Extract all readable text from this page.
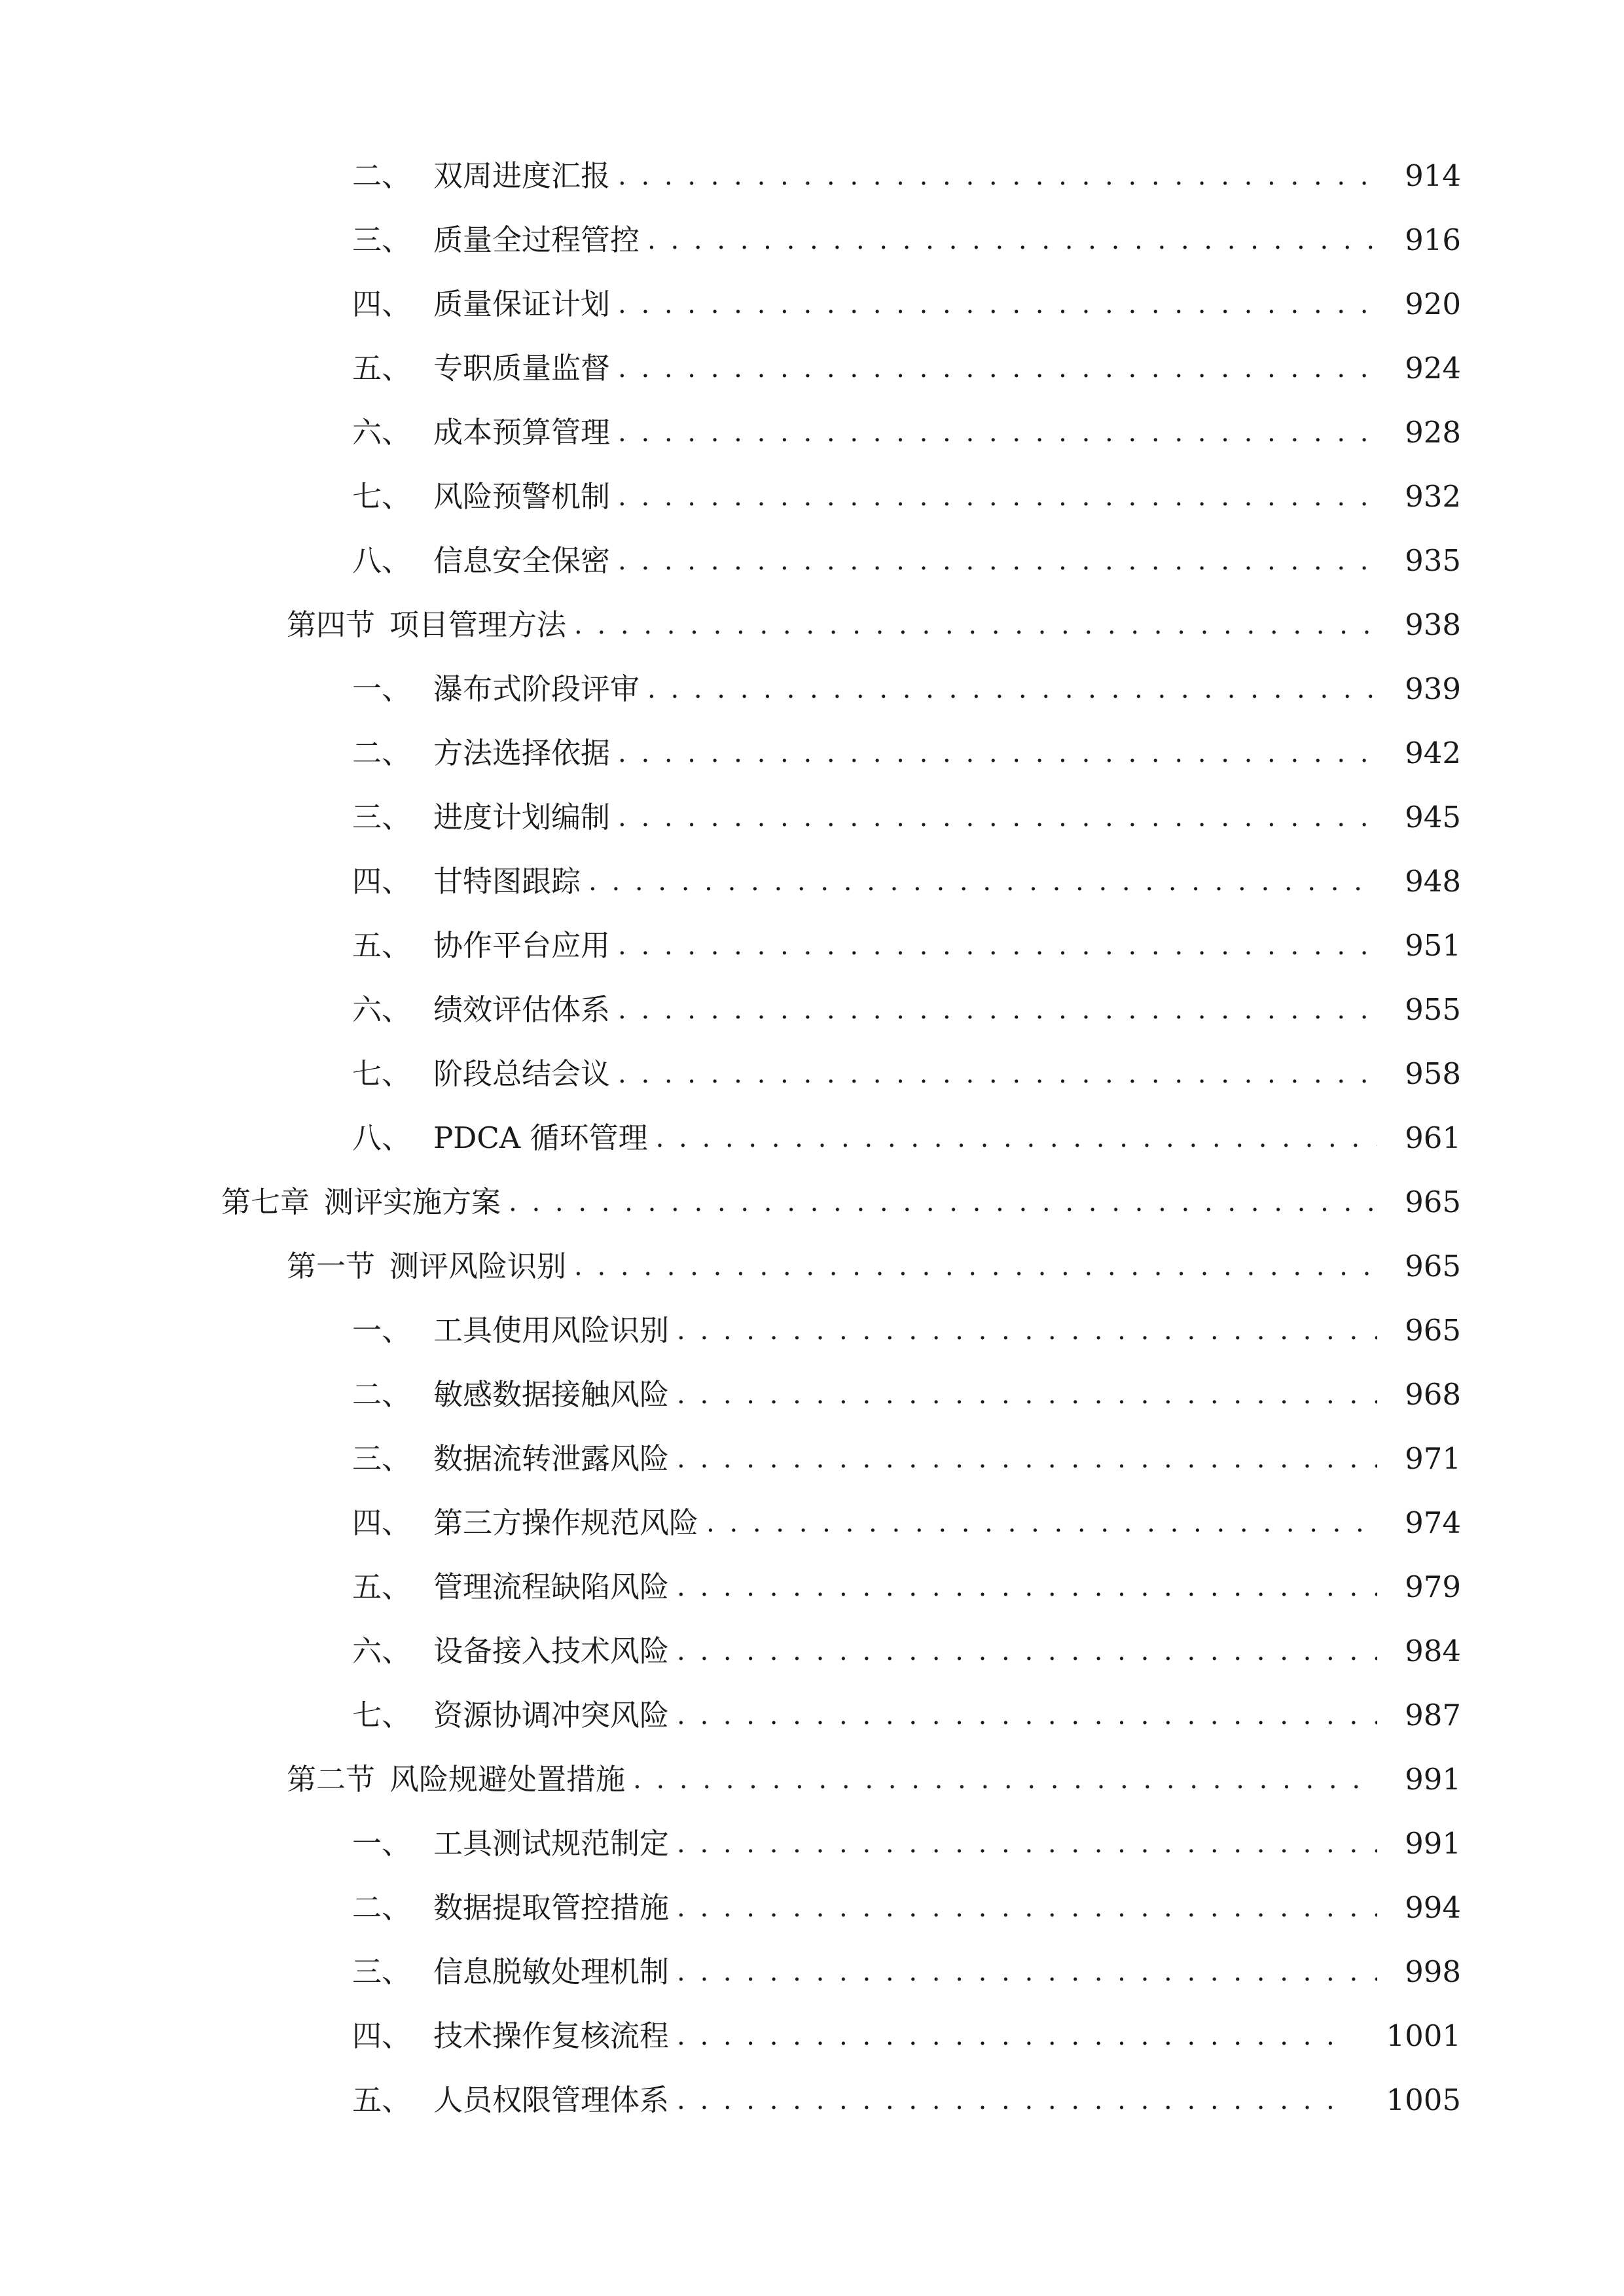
二、 双周进度汇报 . . .	914
三、 质量全过程管控 . . .	916
四、 质量保证计划 . . .	920
五、 专职质量监督 . . .	924
六、 成本预算管理 . . .	928
七、 风险预警机制 . . .	932
八、 信息安全保密 . . .	935
第四节 项目管理方法 . . .	938
一、 瀑布式阶段评审 . . .	939
二、 方法选择依据 . . .	942
三、 进度计划编制 . . .	945
四、 甘特图跟踪 . . .	948
五、 协作平台应用 . . .	951
六、 绩效评估体系 . . .	955
七、 阶段总结会议 . . .	958
八、 PDCA 循环管理 . . .	961
第七章 测评实施方案 . . .	965
第一节 测评风险识别 . . .	965
一、 工具使用风险识别 . . .	965
二、 敏感数据接触风险 . . .	968
三、 数据流转泄露风险 . . .	971
四、 第三方操作规范风险 . . .	974
五、 管理流程缺陷风险 . . .	979
六、 设备接入技术风险 . . .	984
七、 资源协调冲突风险 . . .	987
第二节 风险规避处置措施 . . .	991
一、 工具测试规范制定 . . .	991
二、 数据提取管控措施 . . .	994
三、 信息脱敏处理机制 . . .	998
四、 技术操作复核流程 . . .	1001
五、 人员权限管理体系 . . .	1005
